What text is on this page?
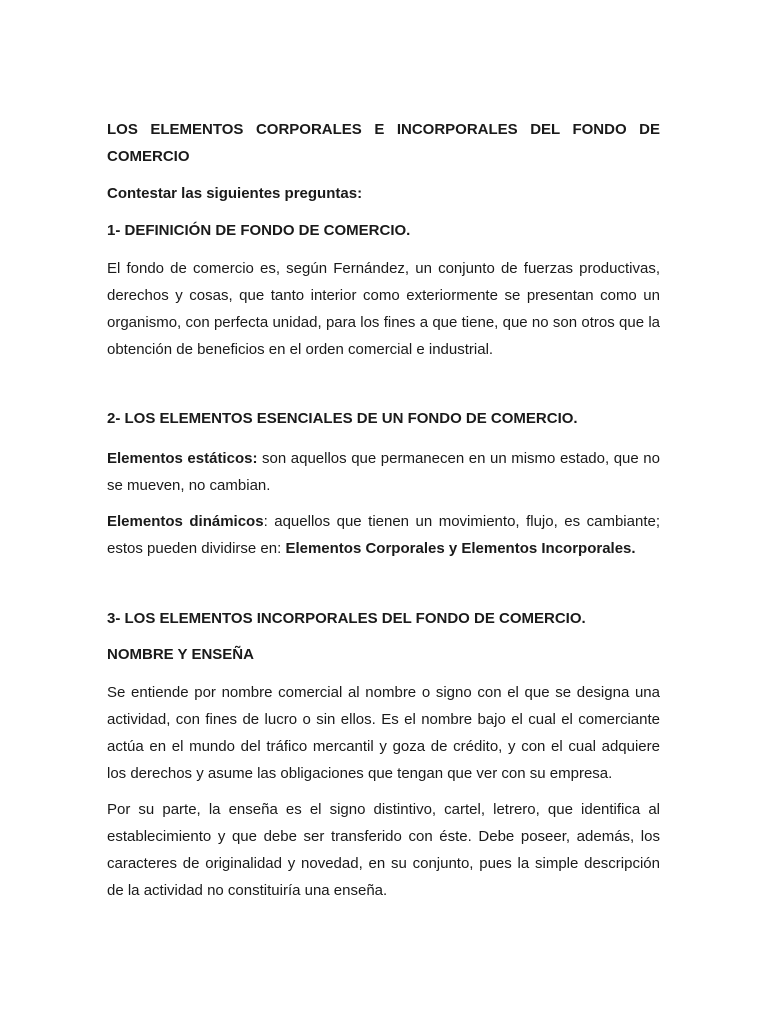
LOS ELEMENTOS CORPORALES E INCORPORALES DEL FONDO DE COMERCIO
Contestar las siguientes preguntas:
1- DEFINICIÓN DE FONDO DE COMERCIO.
El fondo de comercio es, según Fernández, un conjunto de fuerzas productivas, derechos y cosas, que tanto interior como exteriormente se presentan como un organismo, con perfecta unidad, para los fines a que tiene, que no son otros que la obtención de beneficios en el orden comercial e industrial.
2- LOS ELEMENTOS ESENCIALES DE UN FONDO DE COMERCIO.
Elementos estáticos: son aquellos que permanecen en un mismo estado, que no se mueven, no cambian.
Elementos dinámicos: aquellos que tienen un movimiento, flujo, es cambiante; estos pueden dividirse en: Elementos Corporales y Elementos Incorporales.
3- LOS ELEMENTOS INCORPORALES DEL FONDO DE COMERCIO.
NOMBRE Y ENSEÑA
Se entiende por nombre comercial al nombre o signo con el que se designa una actividad, con fines de lucro o sin ellos. Es el nombre bajo el cual el comerciante actúa en el mundo del tráfico mercantil y goza de crédito, y con el cual adquiere los derechos y asume las obligaciones que tengan que ver con su empresa.
Por su parte, la enseña es el signo distintivo, cartel, letrero, que identifica al establecimiento y que debe ser transferido con éste. Debe poseer, además, los caracteres de originalidad y novedad, en su conjunto, pues la simple descripción de la actividad no constituiría una enseña.
